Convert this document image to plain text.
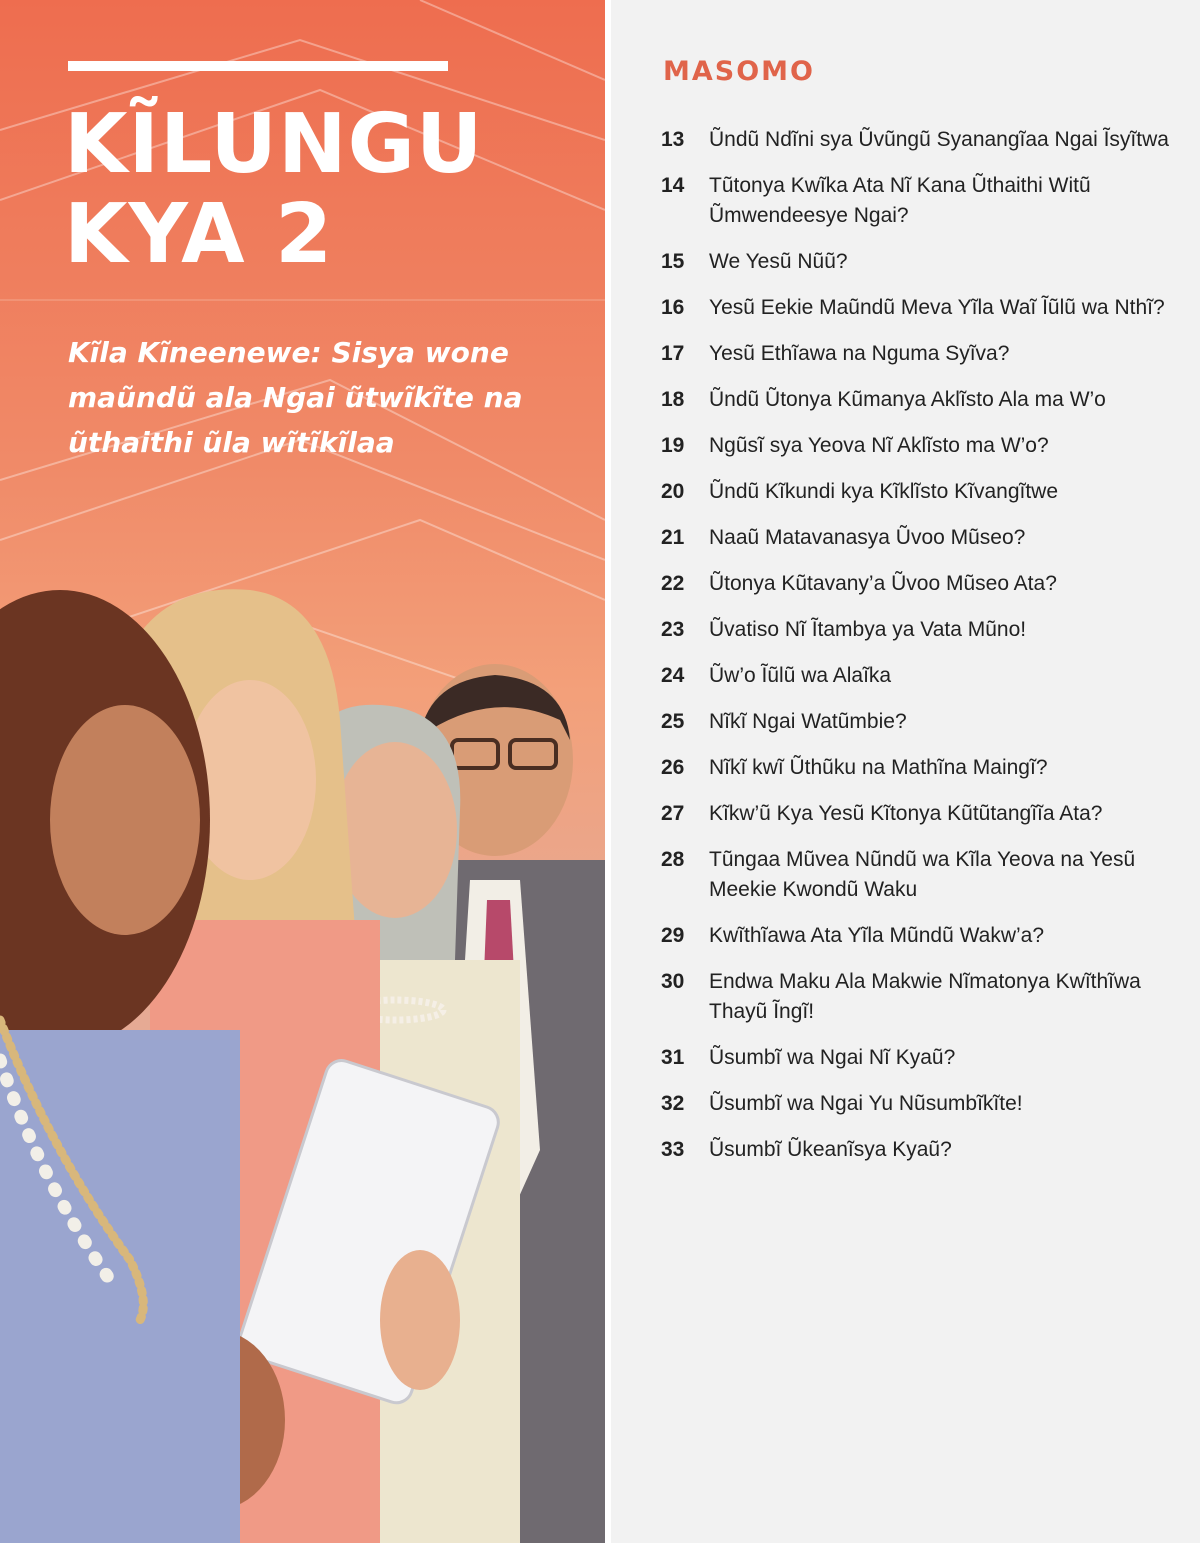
KĨLUNGU
KYA 2

Kĩla Kĩneenewe: Sisya wone maũndũ ala Ngai ũtwĩkĩte na ũthaithi ũla wĩtĩkĩlaa

MASOMO
13	Ũndũ Ndĩni sya Ũvũngũ Syanangĩaa Ngai Ĩsyĩtwa
14	Tũtonya Kwĩka Ata Nĩ Kana Ũthaithi Witũ Ũmwendeesye Ngai?
15	We Yesũ Nũũ?
16	Yesũ Eekie Maũndũ Meva Yĩla Waĩ Ĩũlũ wa Nthĩ?
17	Yesũ Ethĩawa na Nguma Syĩva?
18	Ũndũ Ũtonya Kũmanya Aklĩsto Ala ma W’o
19	Ngũsĩ sya Yeova Nĩ Aklĩsto ma W’o?
20	Ũndũ Kĩkundi kya Kĩklĩsto Kĩvangĩtwe
21	Naaũ Matavanasya Ũvoo Mũseo?
22	Ũtonya Kũtavany’a Ũvoo Mũseo Ata?
23	Ũvatiso Nĩ Ĩtambya ya Vata Mũno!
24	Ũw’o Ĩũlũ wa Alaĩka
25	Nĩkĩ Ngai Watũmbie?
26	Nĩkĩ kwĩ Ũthũku na Mathĩna Maingĩ?
27	Kĩkw’ũ Kya Yesũ Kĩtonya Kũtũtangĩĩa Ata?
28	Tũngaa Mũvea Nũndũ wa Kĩla Yeova na Yesũ Meekie Kwondũ Waku
29	Kwĩthĩawa Ata Yĩla Mũndũ Wakw’a?
30	Endwa Maku Ala Makwie Nĩmatonya Kwĩthĩwa Thayũ Ĩngĩ!
31	Ũsumbĩ wa Ngai Nĩ Kyaũ?
32	Ũsumbĩ wa Ngai Yu Nũsumbĩkĩte!
33	Ũsumbĩ Ũkeanĩsya Kyaũ?
